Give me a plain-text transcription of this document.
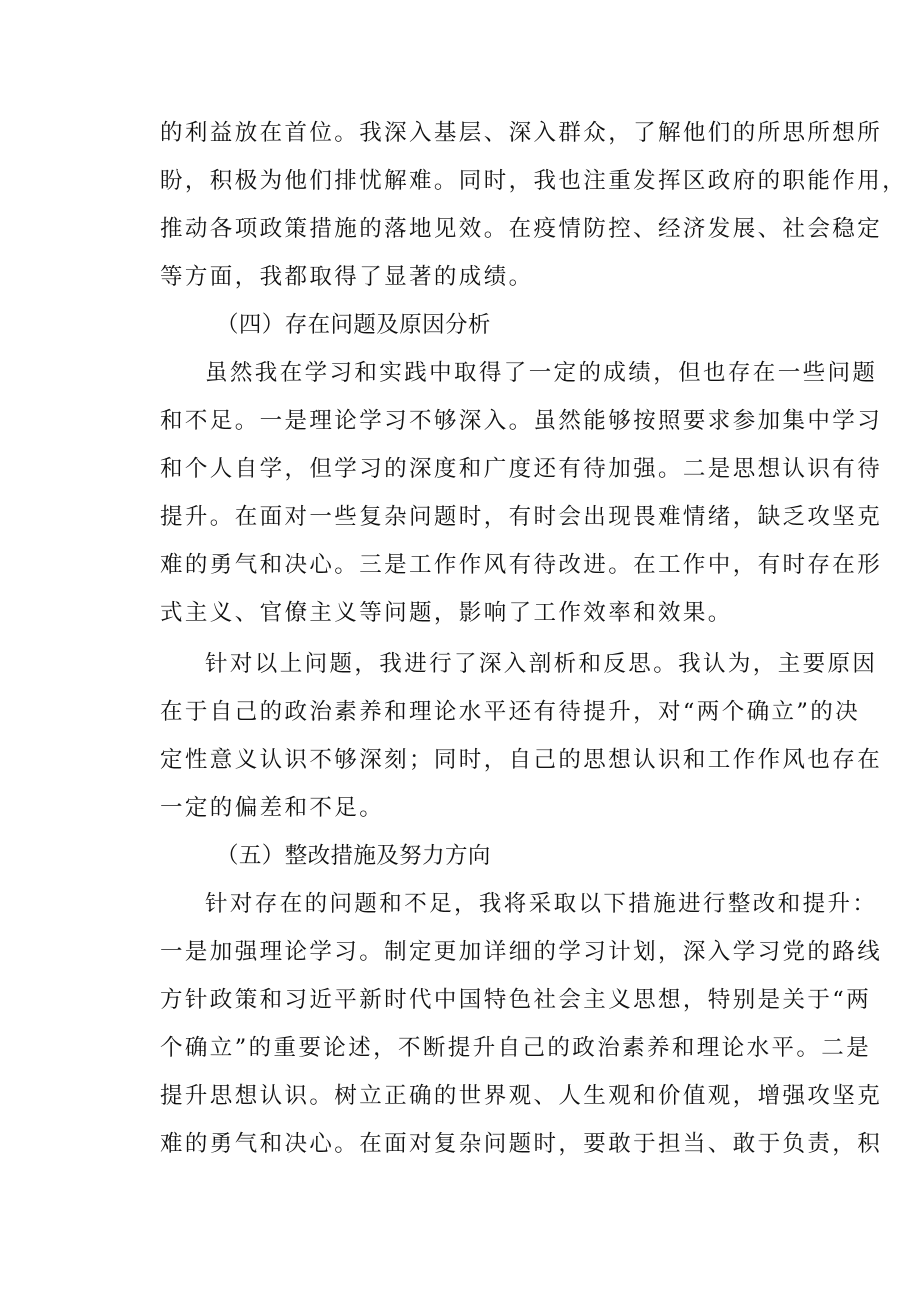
的利益放在首位。我深入基层、深入群众，了解他们的所思所想所
盼，积极为他们排忧解难。同时，我也注重发挥区政府的职能作用，
推动各项政策措施的落地见效。在疫情防控、经济发展、社会稳定
等方面，我都取得了显著的成绩。
（四）存在问题及原因分析
虽然我在学习和实践中取得了一定的成绩，但也存在一些问题
和不足。一是理论学习不够深入。虽然能够按照要求参加集中学习
和个人自学，但学习的深度和广度还有待加强。二是思想认识有待
提升。在面对一些复杂问题时，有时会出现畏难情绪，缺乏攻坚克
难的勇气和决心。三是工作作风有待改进。在工作中，有时存在形
式主义、官僚主义等问题，影响了工作效率和效果。
针对以上问题，我进行了深入剖析和反思。我认为，主要原因
在于自己的政治素养和理论水平还有待提升，对“两个确立”的决
定性意义认识不够深刻；同时，自己的思想认识和工作作风也存在
一定的偏差和不足。
（五）整改措施及努力方向
针对存在的问题和不足，我将采取以下措施进行整改和提升：
一是加强理论学习。制定更加详细的学习计划，深入学习党的路线
方针政策和习近平新时代中国特色社会主义思想，特别是关于“两
个确立”的重要论述，不断提升自己的政治素养和理论水平。二是
提升思想认识。树立正确的世界观、人生观和价值观，增强攻坚克
难的勇气和决心。在面对复杂问题时，要敢于担当、敢于负责，积
